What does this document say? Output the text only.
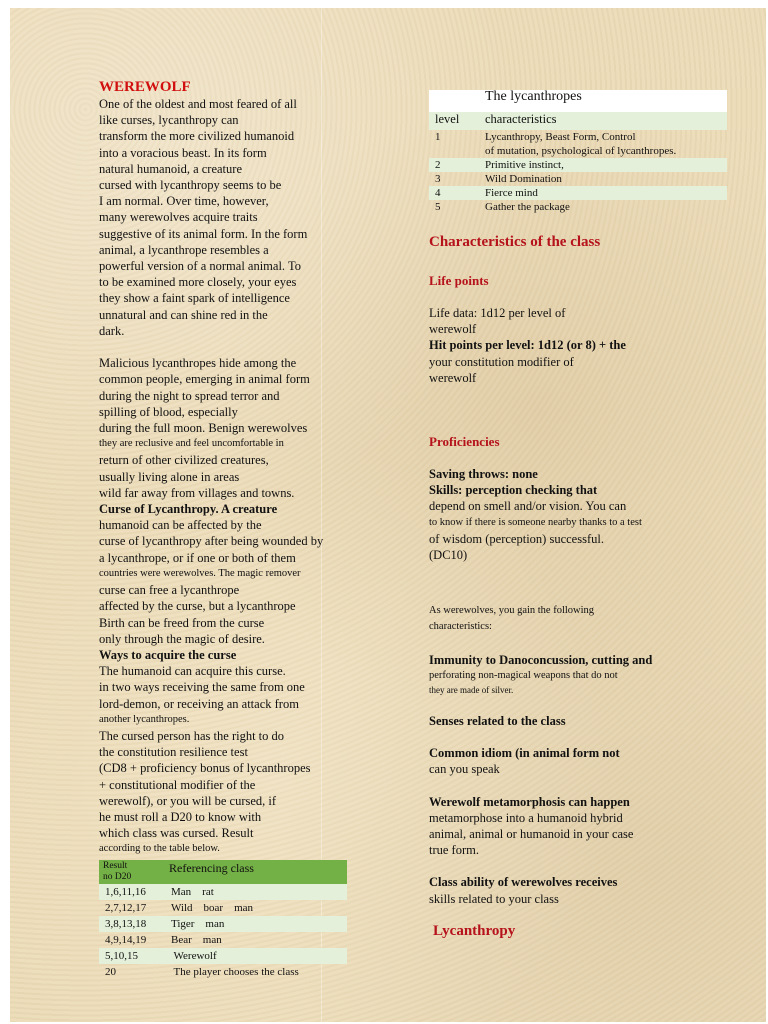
WEREWOLF

One of the oldest and most feared of all

like curses, lycanthropy can

transform the more civilized humanoid

into a voracious beast. In its form

natural humanoid, a creature

cursed with lycanthropy seems to be

I am normal. Over time, however,

many werewolves acquire traits

suggestive of its animal form. In the form

animal, a lycanthrope resembles a

powerful version of a normal animal. To

to be examined more closely, your eyes

they show a faint spark of intelligence

unnatural and can shine red in the

dark.

Malicious lycanthropes hide among the

common people, emerging in animal form

during the night to spread terror and

spilling of blood, especially

during the full moon. Benign werewolves

they are reclusive and feel uncomfortable in

return of other civilized creatures,

usually living alone in areas

wild far away from villages and towns.

Curse of Lycanthropy. A creature

humanoid can be affected by the

curse of lycanthropy after being wounded by

a lycanthrope, or if one or both of them

countries were werewolves. The magic remover

curse can free a lycanthrope

affected by the curse, but a lycanthrope

Birth can be freed from the curse

only through the magic of desire.

Ways to acquire the curse

The humanoid can acquire this curse.

in two ways receiving the same from one

lord-demon, or receiving an attack from

another lycanthropes.

The cursed person has the right to do

the constitution resilience test

(CD8 + proficiency bonus of lycanthropes

+ constitutional modifier of the

werewolf), or you will be cursed, if

he must roll a D20 to know with

which class was cursed. Result

according to the table below.

Result
no D20	Referencing class
1,6,11,16	Man    rat
2,7,12,17	Wild    boar    man
3,8,13,18	Tiger    man
4,9,14,19	Bear    man
5,10,15	Werewolf
20	The player chooses the class
The lycanthropes	
level	characteristics
1	Lycanthropy, Beast Form, Control
of mutation, psychological of lycanthropes.

2	Primitive instinct,

3	Wild Domination

4	Fierce mind

5	Gather the package

Characteristics of the class

Life points

Life data: 1d12 per level of

werewolf

Hit points per level: 1d12 (or 8) + the

your constitution modifier of

werewolf

Proficiencies

Saving throws: none

Skills: perception checking that

depend on smell and/or vision. You can

to know if there is someone nearby thanks to a test

of wisdom (perception) successful.

(DC10)

As werewolves, you gain the following

characteristics:

Immunity to Danoconcussion, cutting and

perforating non-magical weapons that do not

they are made of silver.

Senses related to the class

Common idiom (in animal form not

can you speak

Werewolf metamorphosis can happen

metamorphose into a humanoid hybrid

animal, animal or humanoid in your case

true form.

Class ability of werewolves receives

skills related to your class

Lycanthropy
